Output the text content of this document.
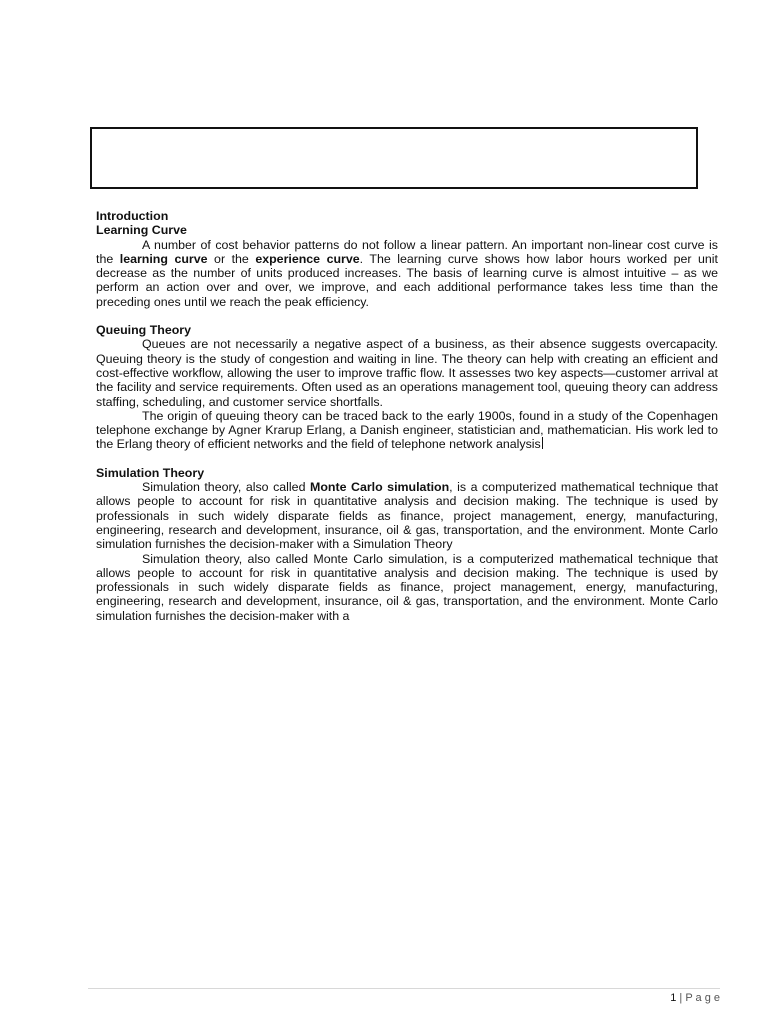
Introduction
Learning Curve

A number of cost behavior patterns do not follow a linear pattern. An important non-linear cost curve is the learning curve or the experience curve. The learning curve shows how labor hours worked per unit decrease as the number of units produced increases. The basis of learning curve is almost intuitive – as we perform an action over and over, we improve, and each additional performance takes less time than the preceding ones until we reach the peak efficiency.

Queuing Theory

Queues are not necessarily a negative aspect of a business, as their absence suggests overcapacity. Queuing theory is the study of congestion and waiting in line. The theory can help with creating an efficient and cost-effective workflow, allowing the user to improve traffic flow. It assesses two key aspects—customer arrival at the facility and service requirements. Often used as an operations management tool, queuing theory can address staffing, scheduling, and customer service shortfalls.

The origin of queuing theory can be traced back to the early 1900s, found in a study of the Copenhagen telephone exchange by Agner Krarup Erlang, a Danish engineer, statistician and, mathematician. His work led to the Erlang theory of efficient networks and the field of telephone network analysis

Simulation Theory

Simulation theory, also called Monte Carlo simulation, is a computerized mathematical technique that allows people to account for risk in quantitative analysis and decision making. The technique is used by professionals in such widely disparate fields as finance, project management, energy, manufacturing, engineering, research and development, insurance, oil & gas, transportation, and the environment. Monte Carlo simulation furnishes the decision-maker with a Simulation Theory

Simulation theory, also called Monte Carlo simulation, is a computerized mathematical technique that allows people to account for risk in quantitative analysis and decision making. The technique is used by professionals in such widely disparate fields as finance, project management, energy, manufacturing, engineering, research and development, insurance, oil & gas, transportation, and the environment. Monte Carlo simulation furnishes the decision-maker with a

1 | P a g e
